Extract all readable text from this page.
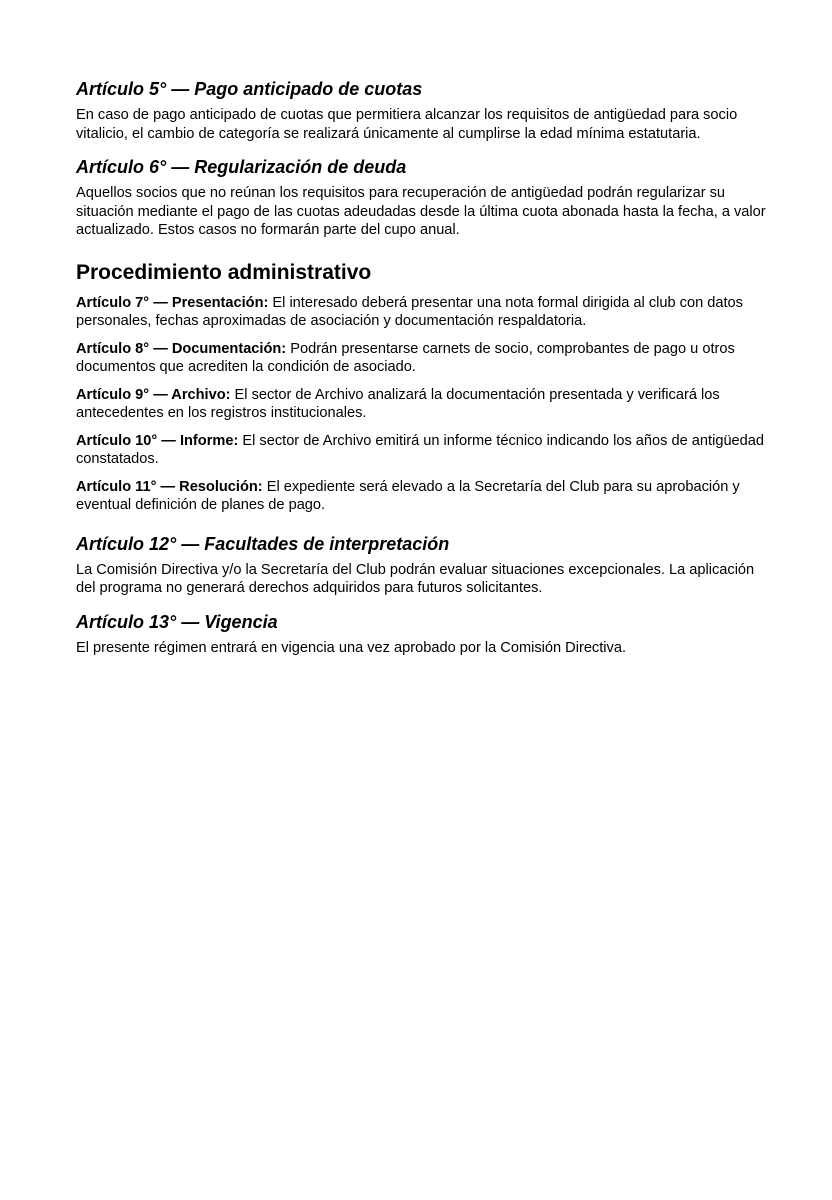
Artículo 5° — Pago anticipado de cuotas

En caso de pago anticipado de cuotas que permitiera alcanzar los requisitos de antigüedad para socio vitalicio, el cambio de categoría se realizará únicamente al cumplirse la edad mínima estatutaria.

Artículo 6° — Regularización de deuda

Aquellos socios que no reúnan los requisitos para recuperación de antigüedad podrán regularizar su situación mediante el pago de las cuotas adeudadas desde la última cuota abonada hasta la fecha, a valor actualizado. Estos casos no formarán parte del cupo anual.

Procedimiento administrativo

Artículo 7° — Presentación: El interesado deberá presentar una nota formal dirigida al club con datos personales, fechas aproximadas de asociación y documentación respaldatoria.

Artículo 8° — Documentación: Podrán presentarse carnets de socio, comprobantes de pago u otros documentos que acrediten la condición de asociado.

Artículo 9° — Archivo: El sector de Archivo analizará la documentación presentada y verificará los antecedentes en los registros institucionales.

Artículo 10° — Informe: El sector de Archivo emitirá un informe técnico indicando los años de antigüedad constatados.

Artículo 11° — Resolución: El expediente será elevado a la Secretaría del Club para su aprobación y eventual definición de planes de pago.

Artículo 12° — Facultades de interpretación

La Comisión Directiva y/o la Secretaría del Club podrán evaluar situaciones excepcionales. La aplicación del programa no generará derechos adquiridos para futuros solicitantes.

Artículo 13° — Vigencia

El presente régimen entrará en vigencia una vez aprobado por la Comisión Directiva.
